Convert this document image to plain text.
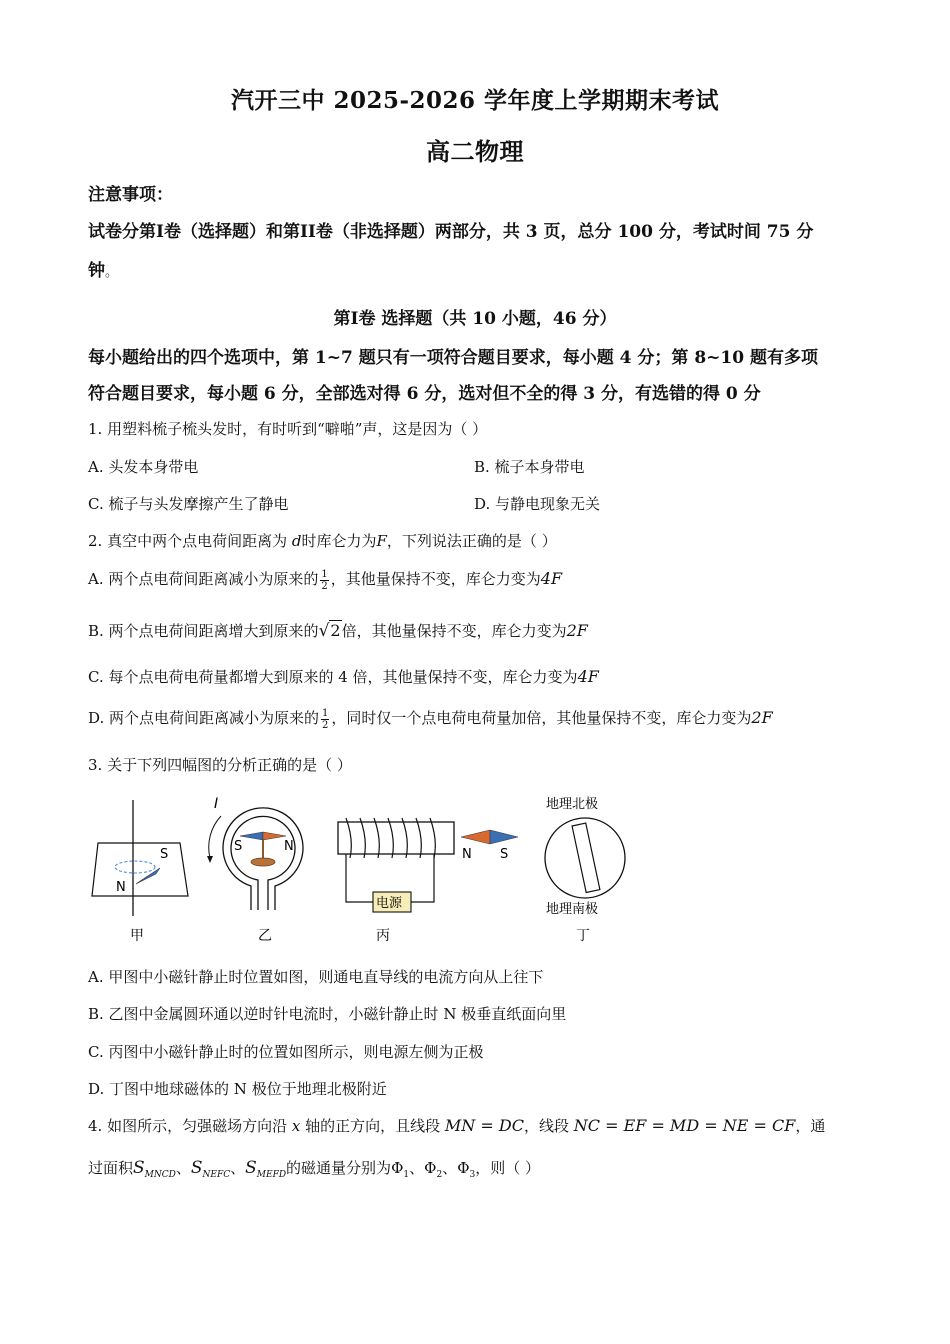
汽开三中 2025-2026 学年度上学期期末考试
高二物理
注意事项：
试卷分第I卷（选择题）和第II卷（非选择题）两部分，共 3 页，总分 100 分，考试时间 75 分
钟。
第I卷 选择题（共 10 小题，46 分）
每小题给出的四个选项中，第 1~7 题只有一项符合题目要求，每小题 4 分；第 8~10 题有多项
符合题目要求，每小题 6 分，全部选对得 6 分，选对但不全的得 3 分，有选错的得 0 分
1. 用塑料梳子梳头发时，有时听到“噼啪”声，这是因为（ ）
A. 头发本身带电	B. 梳子本身带电
C. 梳子与头发摩擦产生了静电	D. 与静电现象无关
2. 真空中两个点电荷间距离为 d时库仑力为F，下列说法正确的是（ ）
A. 两个点电荷间距离减小为原来的 $\frac{1}{2}$ ，其他量保持不变，库仑力变为4F
B. 两个点电荷间距离增大到原来的√2倍，其他量保持不变，库仑力变为2F
C. 每个点电荷电荷量都增大到原来的 4 倍，其他量保持不变，库仑力变为4F
D. 两个点电荷间距离减小为原来的 $\frac{1}{2}$ ，同时仅一个点电荷电荷量加倍，其他量保持不变，库仑力变为2F
3. 关于下列四幅图的分析正确的是（ ）
S
N
甲
I
S	N
乙
电源
N S
丙
地理北极
地理南极
丁
A. 甲图中小磁针静止时位置如图，则通电直导线的电流方向从上往下
B. 乙图中金属圆环通以逆时针电流时，小磁针静止时 N 极垂直纸面向里
C. 丙图中小磁针静止时的位置如图所示，则电源左侧为正极
D. 丁图中地球磁体的 N 极位于地理北极附近
4. 如图所示，匀强磁场方向沿 x 轴的正方向，且线段 MN = DC，线段 NC = EF = MD = NE = CF，通
过面积$S_{MNCD}$、$S_{NEFC}$、$S_{MEFD}$的磁通量分别为$\Phi_1$、$\Phi_2$、$\Phi_3$，则（ ）
